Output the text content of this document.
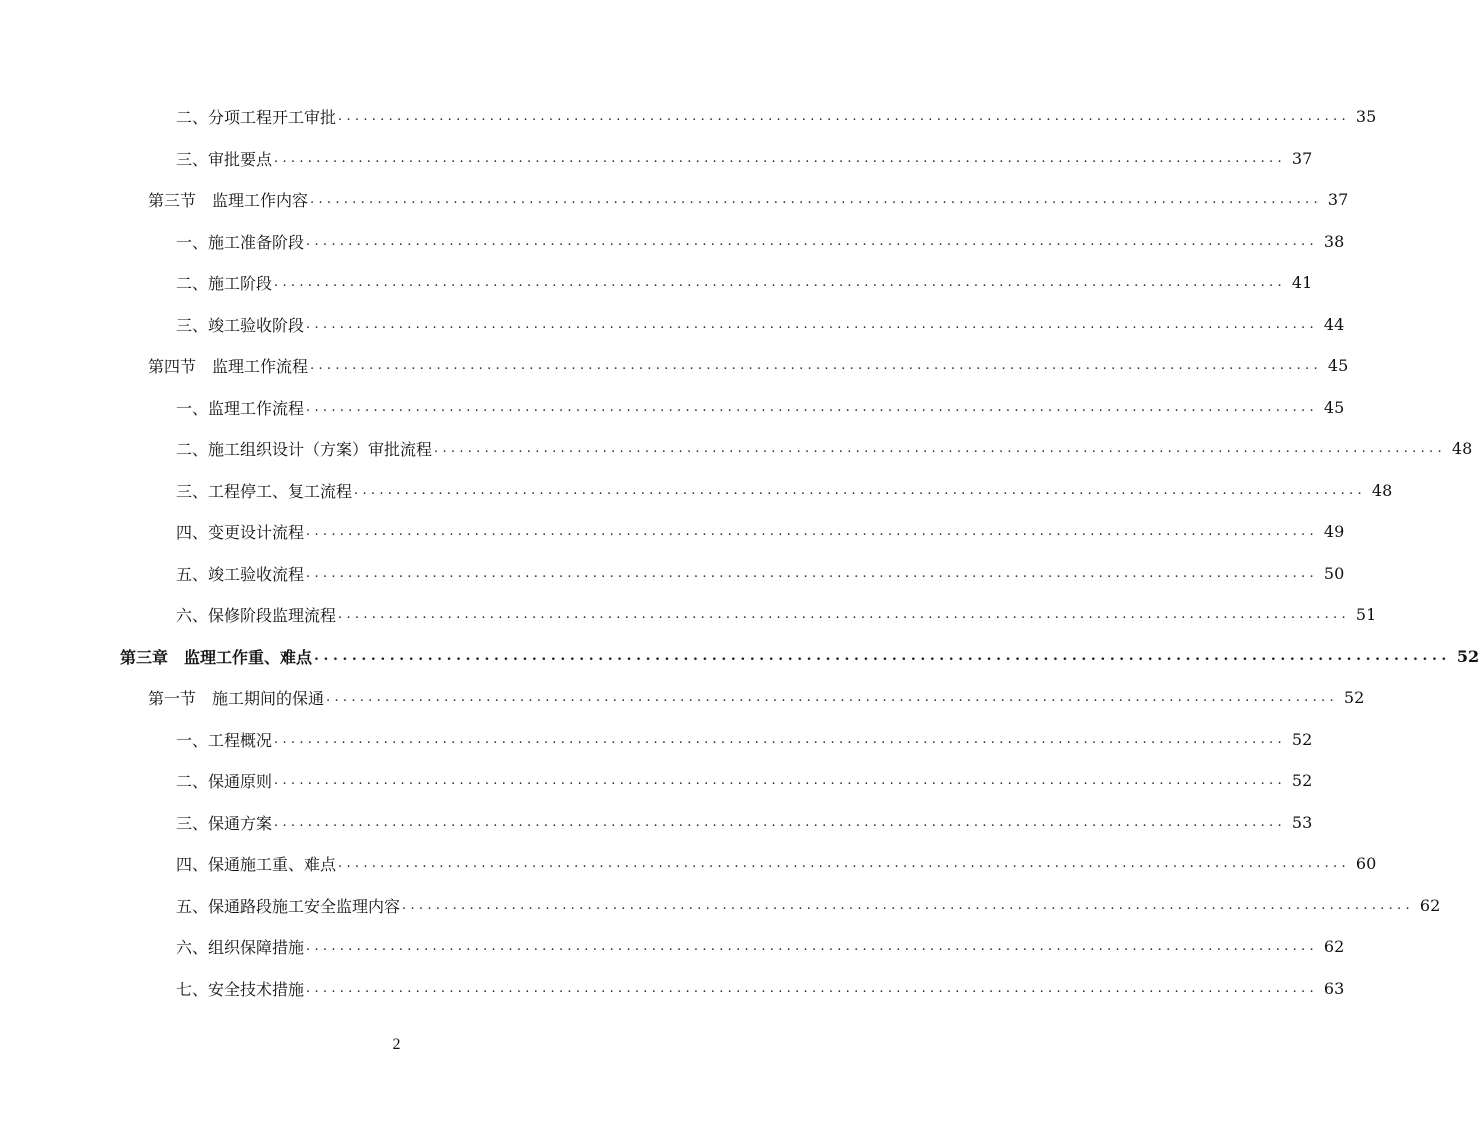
二、分项工程开工审批 ........................................................................................................................ 35
三、审批要点 ........................................................................................................................ 37
第三节　监理工作内容 ........................................................................................................................ 37
一、施工准备阶段 ........................................................................................................................ 38
二、施工阶段 ........................................................................................................................ 41
三、竣工验收阶段 ........................................................................................................................ 44
第四节　监理工作流程 ........................................................................................................................ 45
一、监理工作流程 ........................................................................................................................ 45
二、施工组织设计（方案）审批流程 ........................................................................................................................ 48
三、工程停工、复工流程 ........................................................................................................................ 48
四、变更设计流程 ........................................................................................................................ 49
五、竣工验收流程 ........................................................................................................................ 50
六、保修阶段监理流程 ........................................................................................................................ 51
第三章　监理工作重、难点 ........................................................................................................................ 52
第一节　施工期间的保通 ........................................................................................................................ 52
一、工程概况 ........................................................................................................................ 52
二、保通原则 ........................................................................................................................ 52
三、保通方案 ........................................................................................................................ 53
四、保通施工重、难点 ........................................................................................................................ 60
五、保通路段施工安全监理内容 ........................................................................................................................ 62
六、组织保障措施 ........................................................................................................................ 62
七、安全技术措施 ........................................................................................................................ 63
2
